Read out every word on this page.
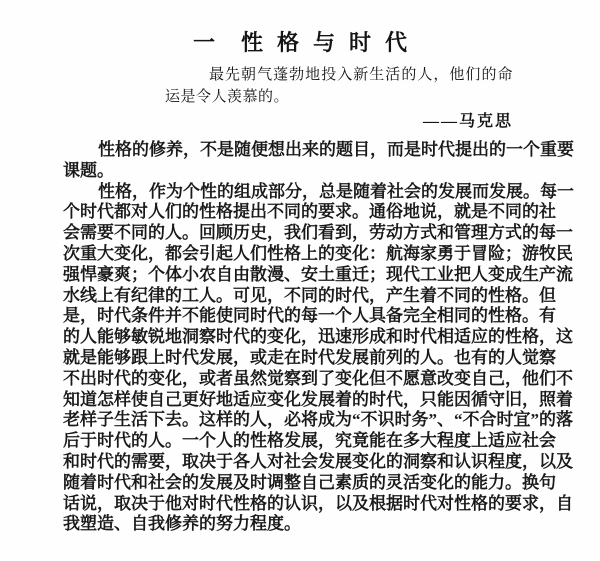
一 性格与时代
最先朝气蓬勃地投入新生活的人，他们的命运是令人羡慕的。
——马克思
性格的修养，不是随便想出来的题目，而是时代提出的一个重要
课题。
性格，作为个性的组成部分，总是随着社会的发展而发展。每一
个时代都对人们的性格提出不同的要求。通俗地说，就是不同的社
会需要不同的人。回顾历史，我们看到，劳动方式和管理方式的每一
次重大变化，都会引起人们性格上的变化：航海家勇于冒险；游牧民
强悍豪爽；个体小农自由散漫、安土重迁；现代工业把人变成生产流
水线上有纪律的工人。可见，不同的时代，产生着不同的性格。但
是，时代条件并不能使同时代的每一个人具备完全相同的性格。有
的人能够敏锐地洞察时代的变化，迅速形成和时代相适应的性格，这
就是能够跟上时代发展，或走在时代发展前列的人。也有的人觉察
不出时代的变化，或者虽然觉察到了变化但不愿意改变自己，他们不
知道怎样使自己更好地适应变化发展着的时代，只能因循守旧，照着
老样子生活下去。这样的人，必将成为“不识时务”、“不合时宜”的落
后于时代的人。一个人的性格发展，究竟能在多大程度上适应社会
和时代的需要，取决于各人对社会发展变化的洞察和认识程度，以及
随着时代和社会的发展及时调整自己素质的灵活变化的能力。换句
话说，取决于他对时代性格的认识，以及根据时代对性格的要求，自
我塑造、自我修养的努力程度。
